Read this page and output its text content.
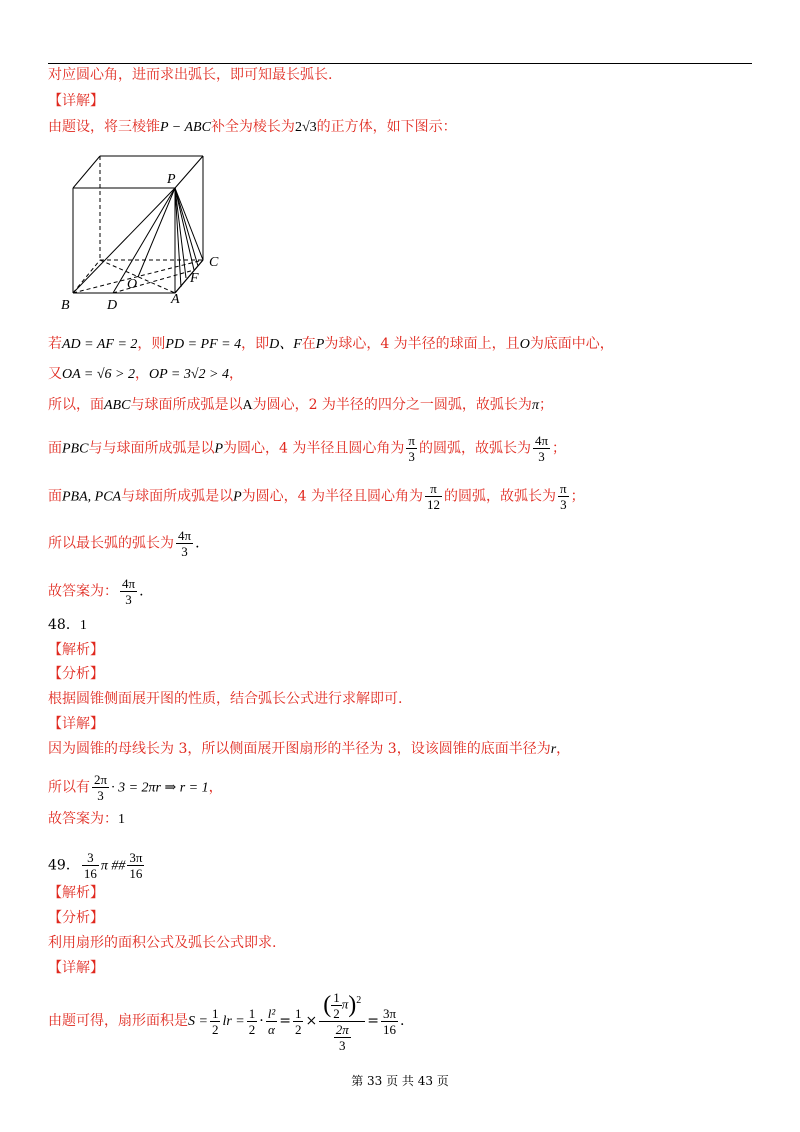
对应圆心角，进而求出弧长，即可知最长弧长.
【详解】
由题设，将三棱锥P − ABC补全为棱长为2√3的正方体，如下图示：
P
C
F
O
B	D	A
若AD = AF = 2，则PD = PF = 4，即D、F在P为球心，4 为半径的球面上，且O为底面中心，
又OA = √6 > 2，OP = 3√2 > 4，
所以，面ABC与球面所成弧是以A为圆心，2 为半径的四分之一圆弧，故弧长为π；
面PBC与与球面所成弧是以P为圆心，4 为半径且圆心角为 $\frac{\pi}{3}$ 的圆弧，故弧长为 $\frac{4\pi}{3}$ ；
面PBA, PCA与球面所成弧是以P为圆心，4 为半径且圆心角为 $\frac{\pi}{12}$ 的圆弧，故弧长为 $\frac{\pi}{3}$ ；
所以最长弧的弧长为 $\frac{4\pi}{3}$ .
故答案为： $\frac{4\pi}{3}$ .
48．1
【解析】
【分析】
根据圆锥侧面展开图的性质，结合弧长公式进行求解即可.
【详解】
因为圆锥的母线长为 3，所以侧面展开图扇形的半径为 3，设该圆锥的底面半径为r，
所以有 $\frac{2\pi}{3} \cdot 3 = 2\pi r$ ⇒ r = 1，
故答案为：1
49． $\frac{3}{16}$ π ## $\frac{3\pi}{16}$
【解析】
【分析】
利用扇形的面积公式及弧长公式即求.
【详解】
由题可得，扇形面积是$S = \frac{1}{2}$ lr = $\frac{1}{2} \cdot \frac{\text{l²}}{\alpha} = \frac{1}{2} \times \frac{( \frac{1}{2} \pi)^2}{\frac{2\pi}{3}} = \frac{3\pi}{16}$ .
第 33 页 共 43 页
